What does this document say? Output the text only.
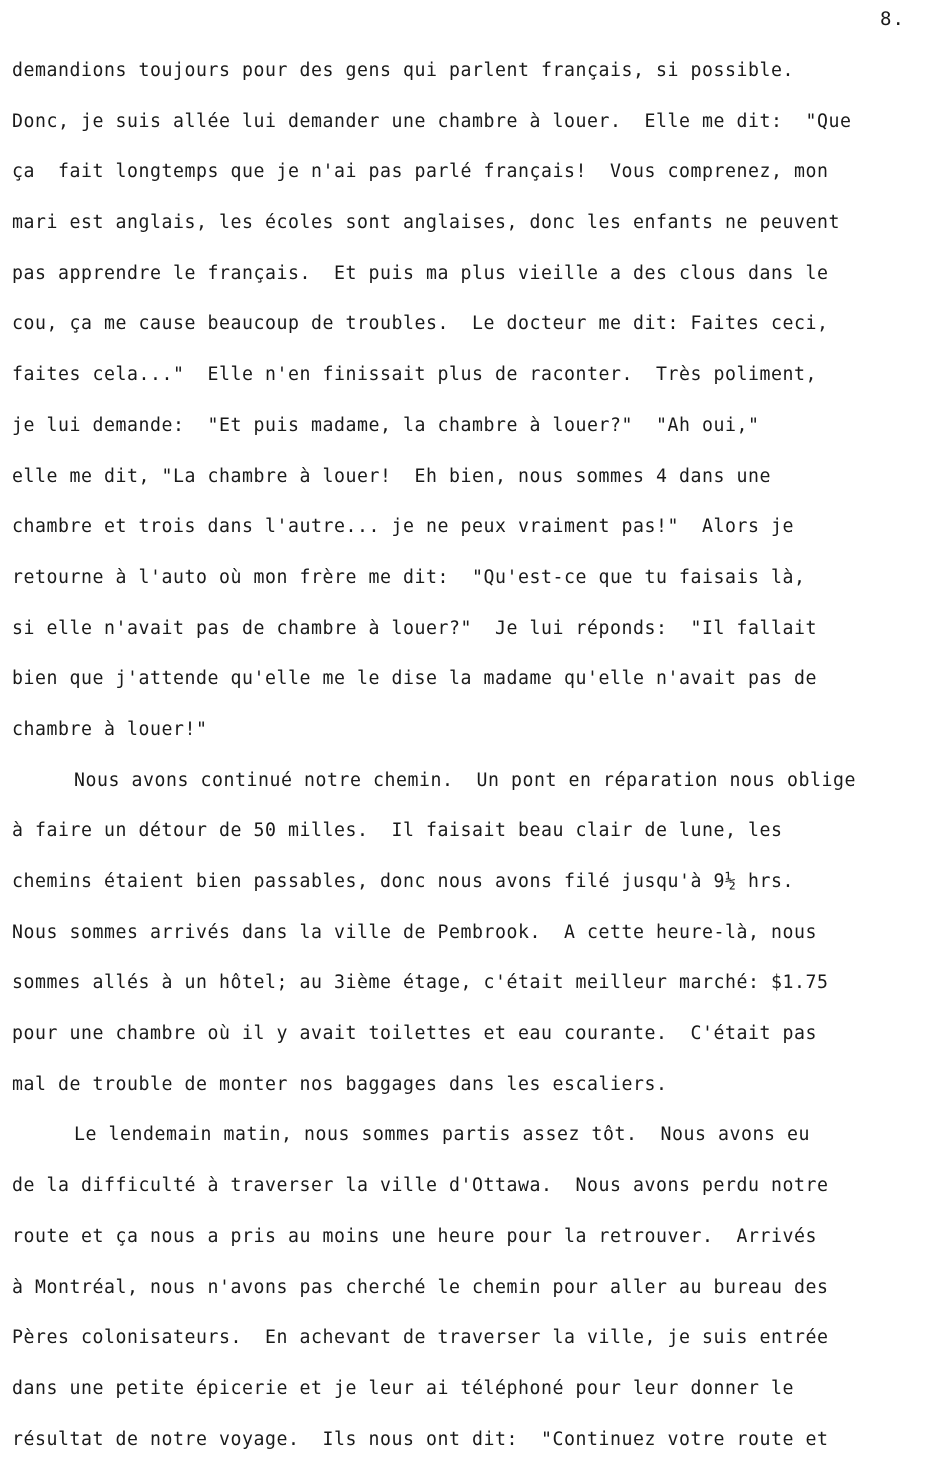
8.
demandions toujours pour des gens qui parlent français, si possible.
Donc, je suis allée lui demander une chambre à louer.  Elle me dit:  "Que
ça  fait longtemps que je n'ai pas parlé français!  Vous comprenez, mon
mari est anglais, les écoles sont anglaises, donc les enfants ne peuvent
pas apprendre le français.  Et puis ma plus vieille a des clous dans le
cou, ça me cause beaucoup de troubles.  Le docteur me dit: Faites ceci,
faites cela..."  Elle n'en finissait plus de raconter.  Très poliment,
je lui demande:  "Et puis madame, la chambre à louer?"  "Ah oui,"
elle me dit, "La chambre à louer!  Eh bien, nous sommes 4 dans une
chambre et trois dans l'autre... je ne peux vraiment pas!"  Alors je
retourne à l'auto où mon frère me dit:  "Qu'est-ce que tu faisais là,
si elle n'avait pas de chambre à louer?"  Je lui réponds:  "Il fallait
bien que j'attende qu'elle me le dise la madame qu'elle n'avait pas de
chambre à louer!"
Nous avons continué notre chemin.  Un pont en réparation nous oblige
à faire un détour de 50 milles.  Il faisait beau clair de lune, les
chemins étaient bien passables, donc nous avons filé jusqu'à 9½ hrs.
Nous sommes arrivés dans la ville de Pembrook.  A cette heure-là, nous
sommes allés à un hôtel; au 3ième étage, c'était meilleur marché: $1.75
pour une chambre où il y avait toilettes et eau courante.  C'était pas
mal de trouble de monter nos baggages dans les escaliers.
Le lendemain matin, nous sommes partis assez tôt.  Nous avons eu
de la difficulté à traverser la ville d'Ottawa.  Nous avons perdu notre
route et ça nous a pris au moins une heure pour la retrouver.  Arrivés
à Montréal, nous n'avons pas cherché le chemin pour aller au bureau des
Pères colonisateurs.  En achevant de traverser la ville, je suis entrée
dans une petite épicerie et je leur ai téléphoné pour leur donner le
résultat de notre voyage.  Ils nous ont dit:  "Continuez votre route et
